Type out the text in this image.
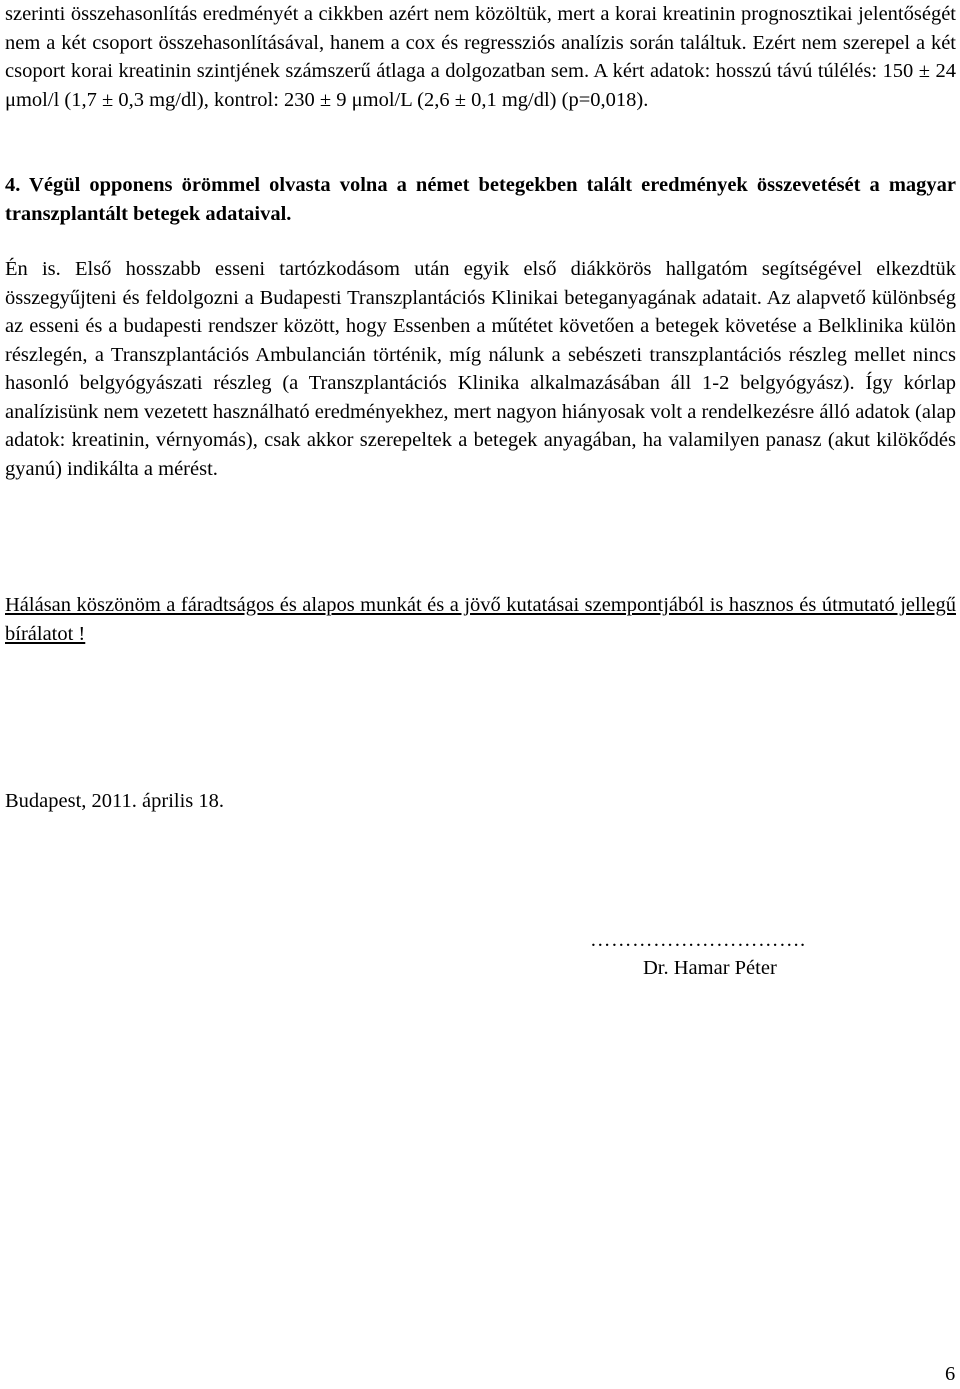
szerinti összehasonlítás eredményét a cikkben azért nem közöltük, mert a korai kreatinin prognosztikai jelentőségét nem a két csoport összehasonlításával, hanem a cox és regressziós analízis során találtuk. Ezért nem szerepel a két csoport korai kreatinin szintjének számszerű átlaga a dolgozatban sem. A kért adatok: hosszú távú túlélés: 150 ± 24 μmol/l (1,7 ± 0,3 mg/dl), kontrol: 230 ± 9 μmol/L (2,6 ± 0,1 mg/dl) (p=0,018).

4. Végül opponens örömmel olvasta volna a német betegekben talált eredmények összevetését a magyar transzplantált betegek adataival.

Én is. Első hosszabb esseni tartózkodásom után egyik első diákkörös hallgatóm segítségével elkezdtük összegyűjteni és feldolgozni a Budapesti Transzplantációs Klinikai beteganyagának adatait. Az alapvető különbség az esseni és a budapesti rendszer között, hogy Essenben a műtétet követően a betegek követése a Belklinika külön részlegén, a Transzplantációs Ambulancián történik, míg nálunk a sebészeti transzplantációs részleg mellet nincs hasonló belgyógyászati részleg (a Transzplantációs Klinika alkalmazásában áll 1-2 belgyógyász). Így kórlap analízisünk nem vezetett használható eredményekhez, mert nagyon hiányosak volt a rendelkezésre álló adatok (alap adatok: kreatinin, vérnyomás), csak akkor szerepeltek a betegek anyagában, ha valamilyen panasz (akut kilökődés gyanú) indikálta a mérést.

Hálásan köszönöm a fáradtságos és alapos munkát és a jövő kutatásai szempontjából is hasznos és útmutató jellegű bírálatot !

Budapest, 2011. április 18.
………………………….
Dr. Hamar Péter
6
